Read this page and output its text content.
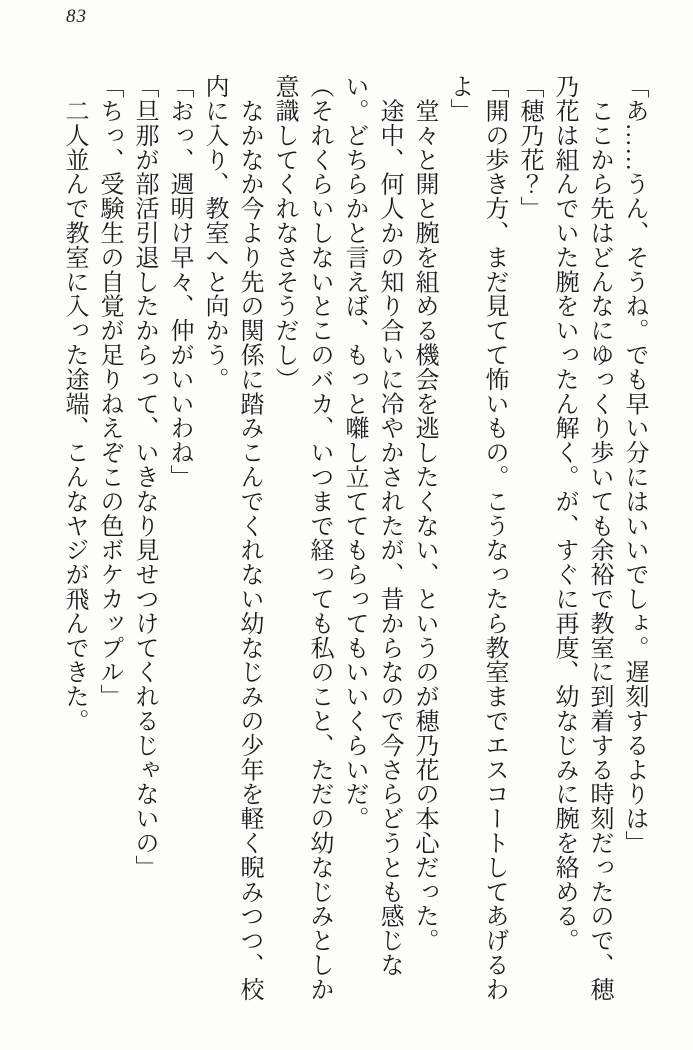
83

「あ……うん、そうね。でも早い分にはいいでしょ。遅刻するよりは」

　ここから先はどんなにゆっくり歩いても余裕で教室に到着する時刻だったので、穂乃花は組んでいた腕をいったん解く。が、すぐに再度、幼なじみに腕を絡める。

「穂乃花？」

「開の歩き方、まだ見てて怖いもの。こうなったら教室までエスコートしてあげるわよ」

　堂々と開と腕を組める機会を逃したくない、というのが穂乃花の本心だった。

　途中、何人かの知り合いに冷やかされたが、昔からなので今さらどうとも感じない。どちらかと言えば、もっと囃し立ててもらってもいいくらいだ。

（それくらいしないとこのバカ、いつまで経っても私のこと、ただの幼なじみとしか意識してくれなさそうだし）

　なかなか今より先の関係に踏みこんでくれない幼なじみの少年を軽く睨みつつ、校内に入り、教室へと向かう。

「おっ、週明け早々、仲がいいわね」

「旦那が部活引退したからって、いきなり見せつけてくれるじゃないの」

「ちっ、受験生の自覚が足りねえぞこの色ボケカップル」

　二人並んで教室に入った途端、こんなヤジが飛んできた。
